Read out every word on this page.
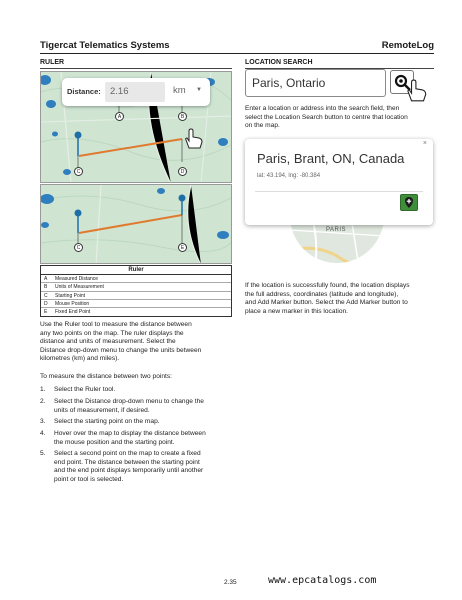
Tigercat Telematics Systems	RemoteLog
RULER
Distance: 2.16	km ▼
A	B
C	D
C	E
Ruler
A	Measured Distance
B	Units of Measurement
C	Starting Point
D	Mouse Position
E	Fixed End Point
Use the Ruler tool to measure the distance between
any two points on the map. The ruler displays the
distance and units of measurement. Select the
Distance drop-down menu to change the units between
kilometres (km) and miles).
To measure the distance between two points:
1. Select the Ruler tool.
2. Select the Distance drop-down menu to change the
units of measurement, if desired.
3. Select the starting point on the map.
4. Hover over the map to display the distance between
the mouse position and the starting point.
5. Select a second point on the map to create a fixed
end point. The distance between the starting point
and the end point displays temporarily until another
point or tool is selected.
LOCATION SEARCH
Paris, Ontario
Enter a location or address into the search field, then
select the Location Search button to centre that location
on the map.
PARIS
×
Paris, Brant, ON, Canada
lat: 43.194, lng: -80.384
If the location is successfully found, the location displays
the full address, coordinates (latitude and longitude),
and Add Marker button. Select the Add Marker button to
place a new marker in this location.
2.35	www.epcatalogs.com
